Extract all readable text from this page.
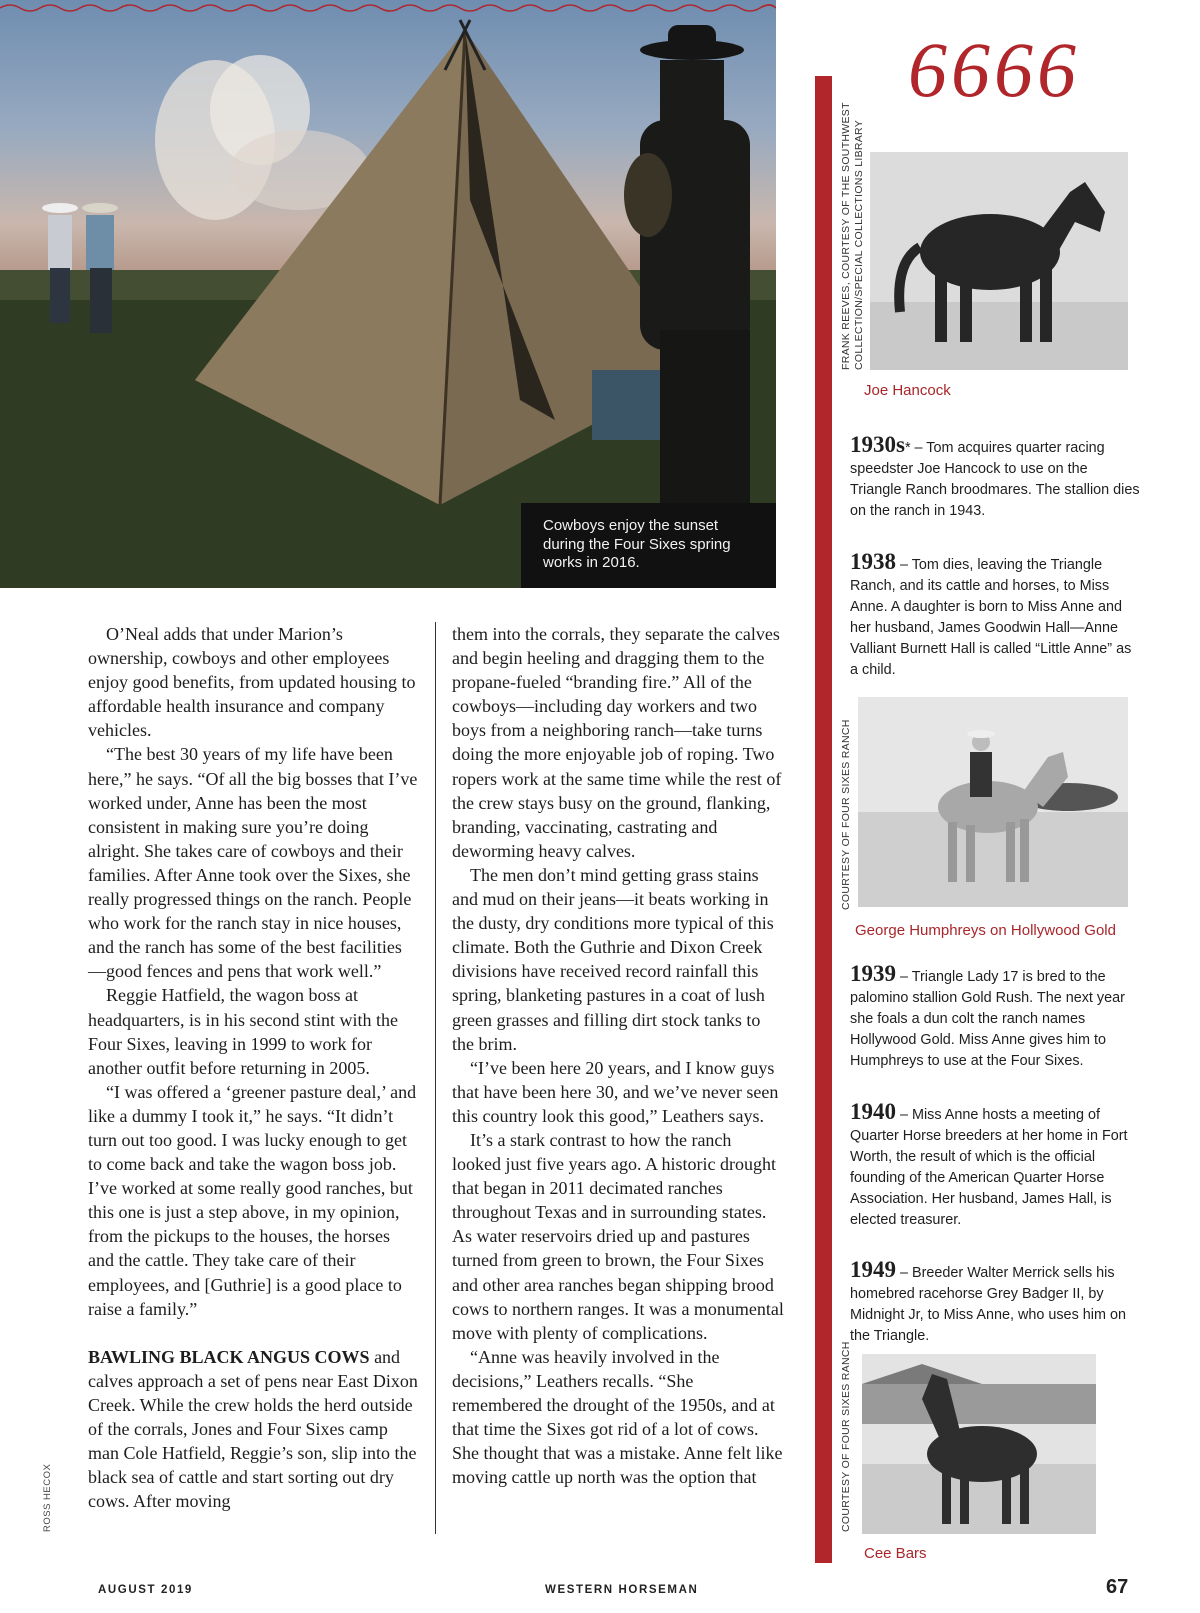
Cowboys enjoy the sunset during the Four Sixes spring works in 2016.

O’Neal adds that under Marion’s ownership, cowboys and other employees enjoy good benefits, from updated housing to affordable health insurance and company vehicles.

“The best 30 years of my life have been here,” he says. “Of all the big bosses that I’ve worked under, Anne has been the most consistent in making sure you’re doing alright. She takes care of cowboys and their families. After Anne took over the Sixes, she really progressed things on the ranch. People who work for the ranch stay in nice houses, and the ranch has some of the best facilities—good fences and pens that work well.”

Reggie Hatfield, the wagon boss at headquarters, is in his second stint with the Four Sixes, leaving in 1999 to work for another outfit before returning in 2005.

“I was offered a ‘greener pasture deal,’ and like a dummy I took it,” he says. “It didn’t turn out too good. I was lucky enough to get to come back and take the wagon boss job. I’ve worked at some really good ranches, but this one is just a step above, in my opinion, from the pickups to the houses, the horses and the cattle. They take care of their employees, and [Guthrie] is a good place to raise a family.”

BAWLING BLACK ANGUS COWS and calves approach a set of pens near East Dixon Creek. While the crew holds the herd outside of the corrals, Jones and Four Sixes camp man Cole Hatfield, Reggie’s son, slip into the black sea of cattle and start sorting out dry cows. After moving

them into the corrals, they separate the calves and begin heeling and dragging them to the propane-fueled “branding fire.” All of the cowboys—including day workers and two boys from a neighboring ranch—take turns doing the more enjoyable job of roping. Two ropers work at the same time while the rest of the crew stays busy on the ground, flanking, branding, vaccinating, castrating and deworming heavy calves.

The men don’t mind getting grass stains and mud on their jeans—it beats working in the dusty, dry conditions more typical of this climate. Both the Guthrie and Dixon Creek divisions have received record rainfall this spring, blanketing pastures in a coat of lush green grasses and filling dirt stock tanks to the brim.

“I’ve been here 20 years, and I know guys that have been here 30, and we’ve never seen this country look this good,” Leathers says.

It’s a stark contrast to how the ranch looked just five years ago. A historic drought that began in 2011 decimated ranches throughout Texas and in surrounding states. As water reservoirs dried up and pastures turned from green to brown, the Four Sixes and other area ranches began shipping brood cows to northern ranges. It was a monumental move with plenty of complications.

“Anne was heavily involved in the decisions,” Leathers recalls. “She remembered the drought of the 1950s, and at that time the Sixes got rid of a lot of cows. She thought that was a mistake. Anne felt like moving cattle up north was the option that

6666
FRANK REEVES, COURTESY OF THE SOUTHWEST COLLECTION/SPECIAL COLLECTIONS LIBRARY
Joe Hancock
1930s* – Tom acquires quarter racing speedster Joe Hancock to use on the Triangle Ranch broodmares. The stallion dies on the ranch in 1943.
1938 – Tom dies, leaving the Triangle Ranch, and its cattle and horses, to Miss Anne. A daughter is born to Miss Anne and her husband, James Goodwin Hall—Anne Valliant Burnett Hall is called “Little Anne” as a child.
COURTESY OF FOUR SIXES RANCH
George Humphreys on Hollywood Gold
1939 – Triangle Lady 17 is bred to the palomino stallion Gold Rush. The next year she foals a dun colt the ranch names Hollywood Gold. Miss Anne gives him to Humphreys to use at the Four Sixes.
1940 – Miss Anne hosts a meeting of Quarter Horse breeders at her home in Fort Worth, the result of which is the official founding of the American Quarter Horse Association. Her husband, James Hall, is elected treasurer.
1949 – Breeder Walter Merrick sells his homebred racehorse Grey Badger II, by Midnight Jr, to Miss Anne, who uses him on the Triangle.
COURTESY OF FOUR SIXES RANCH
Cee Bars
ROSS HECOX
AUGUST 2019	WESTERN HORSEMAN	67
